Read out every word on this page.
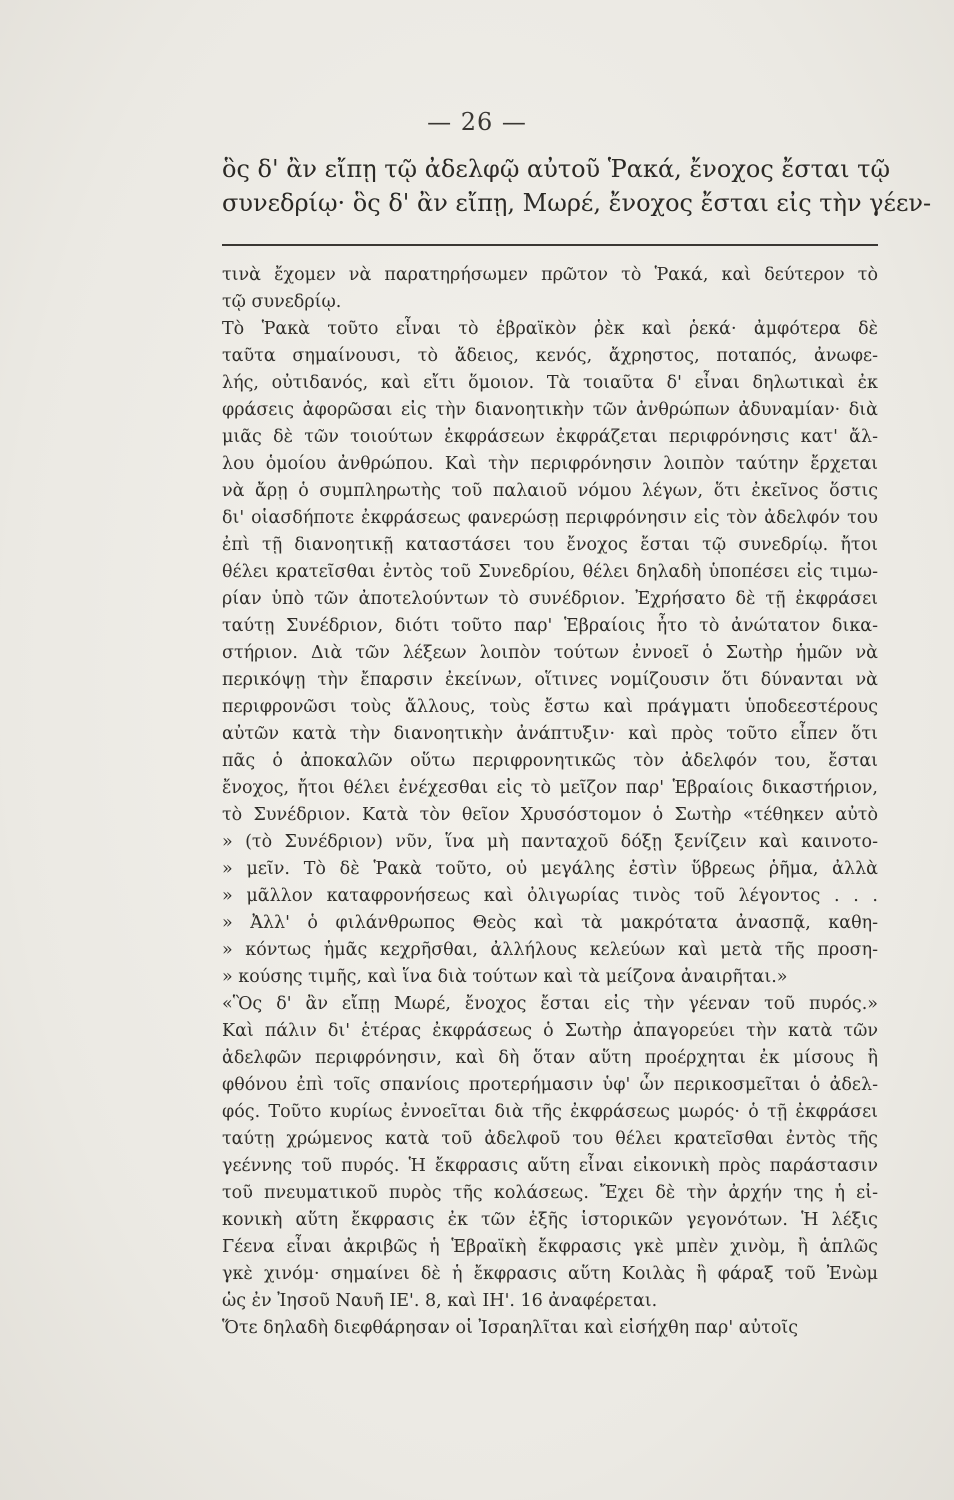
— 26 —
ὃς δ' ἂν εἴπῃ τῷ ἀδελφῷ αὐτοῦ Ῥακά, ἔνοχος ἔσται τῷ
συνεδρίῳ· ὃς δ' ἂν εἴπῃ, Μωρέ, ἔνοχος ἔσται εἰς τὴν γέεν-
τινὰ ἔχομεν νὰ παρατηρήσωμεν πρῶτον τὸ Ῥακά, καὶ δεύτερον τὸ
τῷ συνεδρίῳ.
Τὸ Ῥακὰ τοῦτο εἶναι τὸ ἑβραϊκὸν ῥὲκ καὶ ῥεκά· ἀμφότερα δὲ
ταῦτα σημαίνουσι, τὸ ἄδειος, κενός, ἄχρηστος, ποταπός, ἀνωφε-
λής, οὐτιδανός, καὶ εἴτι ὅμοιον. Τὰ τοιαῦτα δ' εἶναι δηλωτικαὶ ἐκ
φράσεις ἀφορῶσαι εἰς τὴν διανοητικὴν τῶν ἀνθρώπων ἀδυναμίαν· διὰ
μιᾶς δὲ τῶν τοιούτων ἐκφράσεων ἐκφράζεται περιφρόνησις κατ' ἄλ-
λου ὁμοίου ἀνθρώπου. Καὶ τὴν περιφρόνησιν λοιπὸν ταύτην ἔρχεται
νὰ ἄρῃ ὁ συμπληρωτὴς τοῦ παλαιοῦ νόμου λέγων, ὅτι ἐκεῖνος ὅστις
δι' οἱασδήποτε ἐκφράσεως φανερώσῃ περιφρόνησιν εἰς τὸν ἀδελφόν του
ἐπὶ τῇ διανοητικῇ καταστάσει του ἔνοχος ἔσται τῷ συνεδρίῳ. ἤτοι
θέλει κρατεῖσθαι ἐντὸς τοῦ Συνεδρίου, θέλει δηλαδὴ ὑποπέσει εἰς τιμω-
ρίαν ὑπὸ τῶν ἀποτελούντων τὸ συνέδριον. Ἐχρήσατο δὲ τῇ ἐκφράσει
ταύτῃ Συνέδριον, διότι τοῦτο παρ' Ἑβραίοις ἦτο τὸ ἀνώτατον δικα-
στήριον. Διὰ τῶν λέξεων λοιπὸν τούτων ἐννοεῖ ὁ Σωτὴρ ἡμῶν νὰ
περικόψῃ τὴν ἔπαρσιν ἐκείνων, οἵτινες νομίζουσιν ὅτι δύνανται νὰ
περιφρονῶσι τοὺς ἄλλους, τοὺς ἔστω καὶ πράγματι ὑποδεεστέρους
αὐτῶν κατὰ τὴν διανοητικὴν ἀνάπτυξιν· καὶ πρὸς τοῦτο εἶπεν ὅτι
πᾶς ὁ ἀποκαλῶν οὕτω περιφρονητικῶς τὸν ἀδελφόν του, ἔσται
ἔνοχος, ἤτοι θέλει ἐνέχεσθαι εἰς τὸ μεῖζον παρ' Ἑβραίοις δικαστήριον,
τὸ Συνέδριον. Κατὰ τὸν θεῖον Χρυσόστομον ὁ Σωτὴρ «τέθηκεν αὐτὸ
» (τὸ Συνέδριον) νῦν, ἵνα μὴ πανταχοῦ δόξῃ ξενίζειν καὶ καινοτο-
» μεῖν. Τὸ δὲ Ῥακὰ τοῦτο, οὐ μεγάλης ἐστὶν ὕβρεως ῥῆμα, ἀλλὰ
» μᾶλλον καταφρονήσεως καὶ ὀλιγωρίας τινὸς τοῦ λέγοντος . . .
» Ἀλλ' ὁ φιλάνθρωπος Θεὸς καὶ τὰ μακρότατα ἀνασπᾷ, καθη-
» κόντως ἡμᾶς κεχρῆσθαι, ἀλλήλους κελεύων καὶ μετὰ τῆς προση-
» κούσης τιμῆς, καὶ ἵνα διὰ τούτων καὶ τὰ μείζονα ἀναιρῆται.»
«Ὃς δ' ἂν εἴπῃ Μωρέ, ἔνοχος ἔσται εἰς τὴν γέεναν τοῦ πυρός.»
Καὶ πάλιν δι' ἑτέρας ἐκφράσεως ὁ Σωτὴρ ἀπαγορεύει τὴν κατὰ τῶν
ἀδελφῶν περιφρόνησιν, καὶ δὴ ὅταν αὕτη προέρχηται ἐκ μίσους ἢ
φθόνου ἐπὶ τοῖς σπανίοις προτερήμασιν ὑφ' ὧν περικοσμεῖται ὁ ἀδελ-
φός. Τοῦτο κυρίως ἐννοεῖται διὰ τῆς ἐκφράσεως μωρός· ὁ τῇ ἐκφράσει
ταύτῃ χρώμενος κατὰ τοῦ ἀδελφοῦ του θέλει κρατεῖσθαι ἐντὸς τῆς
γεέννης τοῦ πυρός. Ἡ ἔκφρασις αὕτη εἶναι εἰκονικὴ πρὸς παράστασιν
τοῦ πνευματικοῦ πυρὸς τῆς κολάσεως. Ἔχει δὲ τὴν ἀρχήν της ἡ εἰ-
κονικὴ αὕτη ἔκφρασις ἐκ τῶν ἑξῆς ἱστορικῶν γεγονότων. Ἡ λέξις
Γέενα εἶναι ἀκριβῶς ἡ Ἑβραϊκὴ ἔκφρασις γκὲ μπὲν χινὸμ, ἢ ἁπλῶς
γκὲ χινόμ· σημαίνει δὲ ἡ ἔκφρασις αὕτη Κοιλὰς ἢ φάραξ τοῦ Ἐνὼμ
ὡς ἐν Ἰησοῦ Ναυῆ ΙΕ'. 8, καὶ ΙΗ'. 16 ἀναφέρεται.
Ὅτε δηλαδὴ διεφθάρησαν οἱ Ἰσραηλῖται καὶ εἰσήχθη παρ' αὐτοῖς
